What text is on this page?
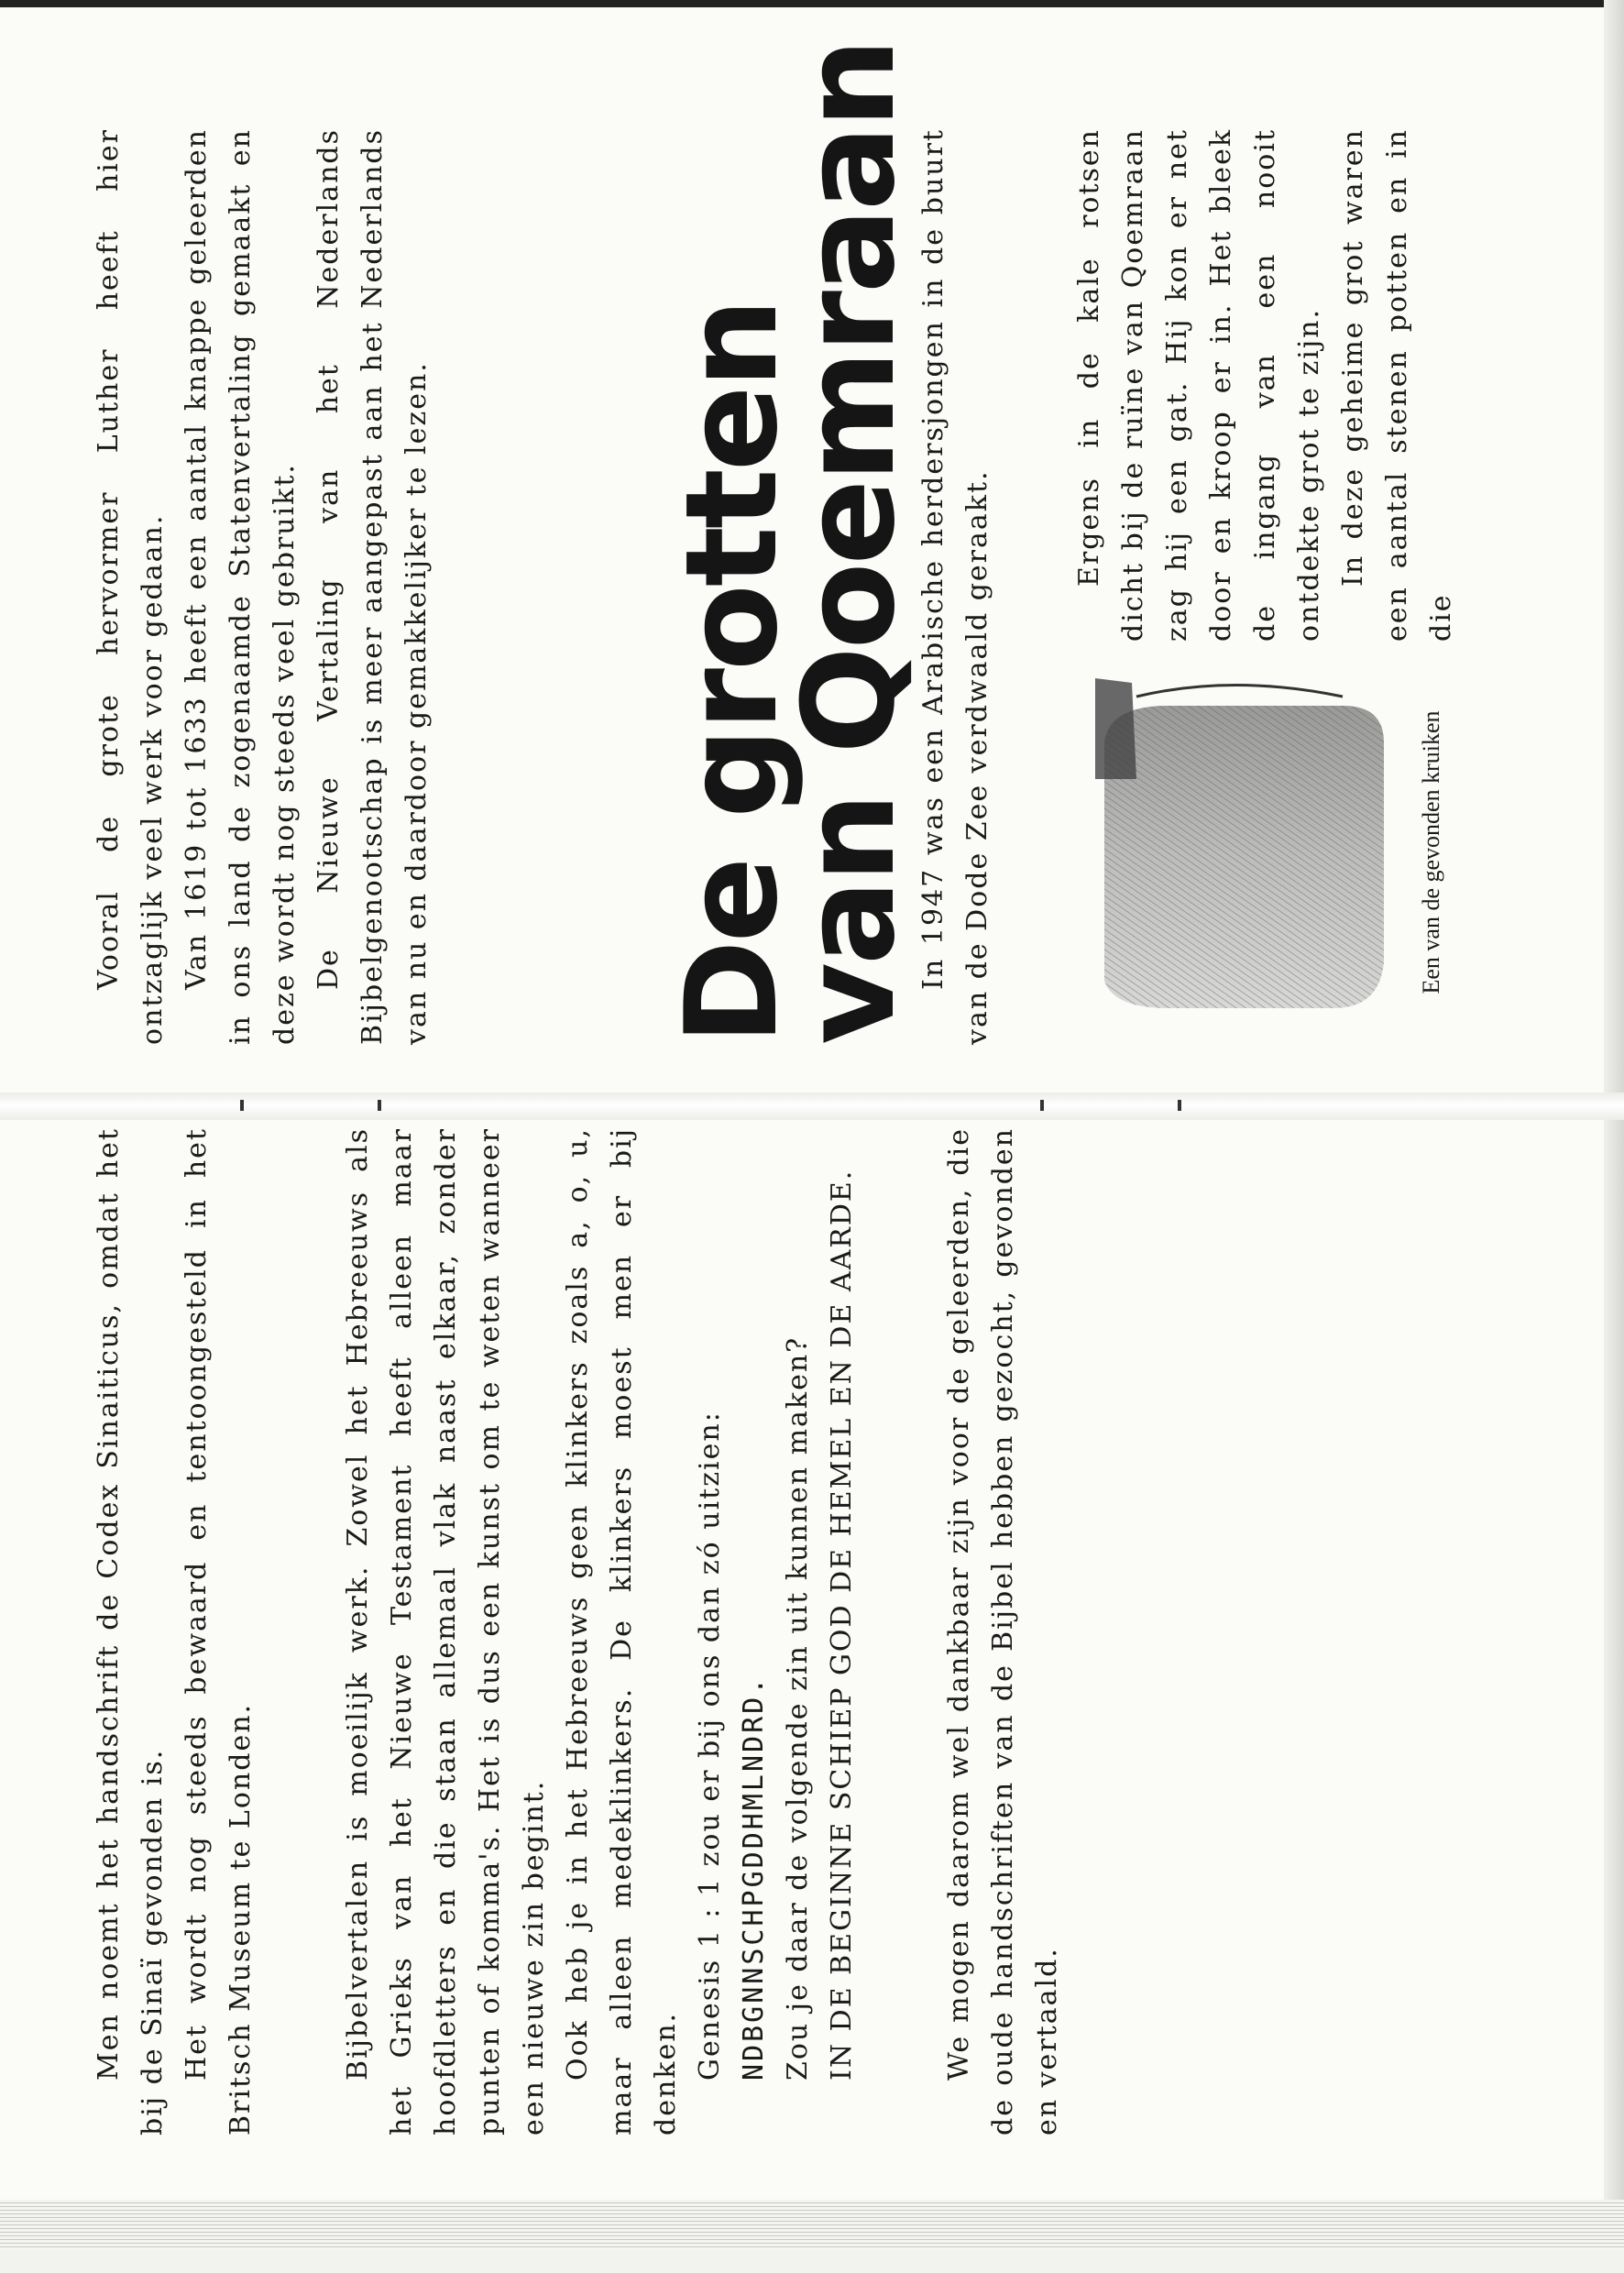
Vooral de grote hervormer Luther heeft hier ontzaglijk veel werk voor gedaan. Van 1619 tot 1633 heeft een aantal knappe geleerden in ons land de zogenaamde Statenvertaling gemaakt en deze wordt nog steeds veel gebruikt. De Nieuwe Vertaling van het Nederlands Bijbelgenootschap is meer aangepast aan het Nederlands van nu en daardoor gemakkelijker te lezen. De grotten
van Qoemraan

In 1947 was een Arabische herdersjongen in de buurt van de Dode Zee verdwaald geraakt.

Ergens in de kale rotsen dicht bij de ruïne van Qoemraan zag hij een gat. Hij kon er net door en kroop er in. Het bleek de ingang van een nooit ontdekte grot te zijn. In deze geheime grot waren een aantal stenen potten en in die

Een van de gevonden kruiken

Men noemt het handschrift de Codex Sinaiticus, omdat het bij de Sinaï gevonden is. Het wordt nog steeds bewaard en tentoongesteld in het Britsch Museum te Londen.	Bijbelvertalen is moeilijk werk. Zowel het Hebreeuws als het Grieks van het Nieuwe Testament heeft alleen maar hoofdletters en die staan allemaal vlak naast elkaar, zonder punten of komma's. Het is dus een kunst om te weten wanneer een nieuwe zin begint. Ook heb je in het Hebreeuws geen klinkers zoals a, o, u, maar alleen medeklinkers. De klinkers moest men er bij denken. Genesis 1 : 1 zou er bij ons dan zó uitzien: NDBGNNSCHPGDDHMLNDRD. Zou je daar de volgende zin uit kunnen maken? IN DE BEGINNE SCHIEP GOD DE HEMEL EN DE AARDE.	We mogen daarom wel dankbaar zijn voor de geleerden, die de oude handschriften van de Bijbel hebben gezocht, gevonden en vertaald.
